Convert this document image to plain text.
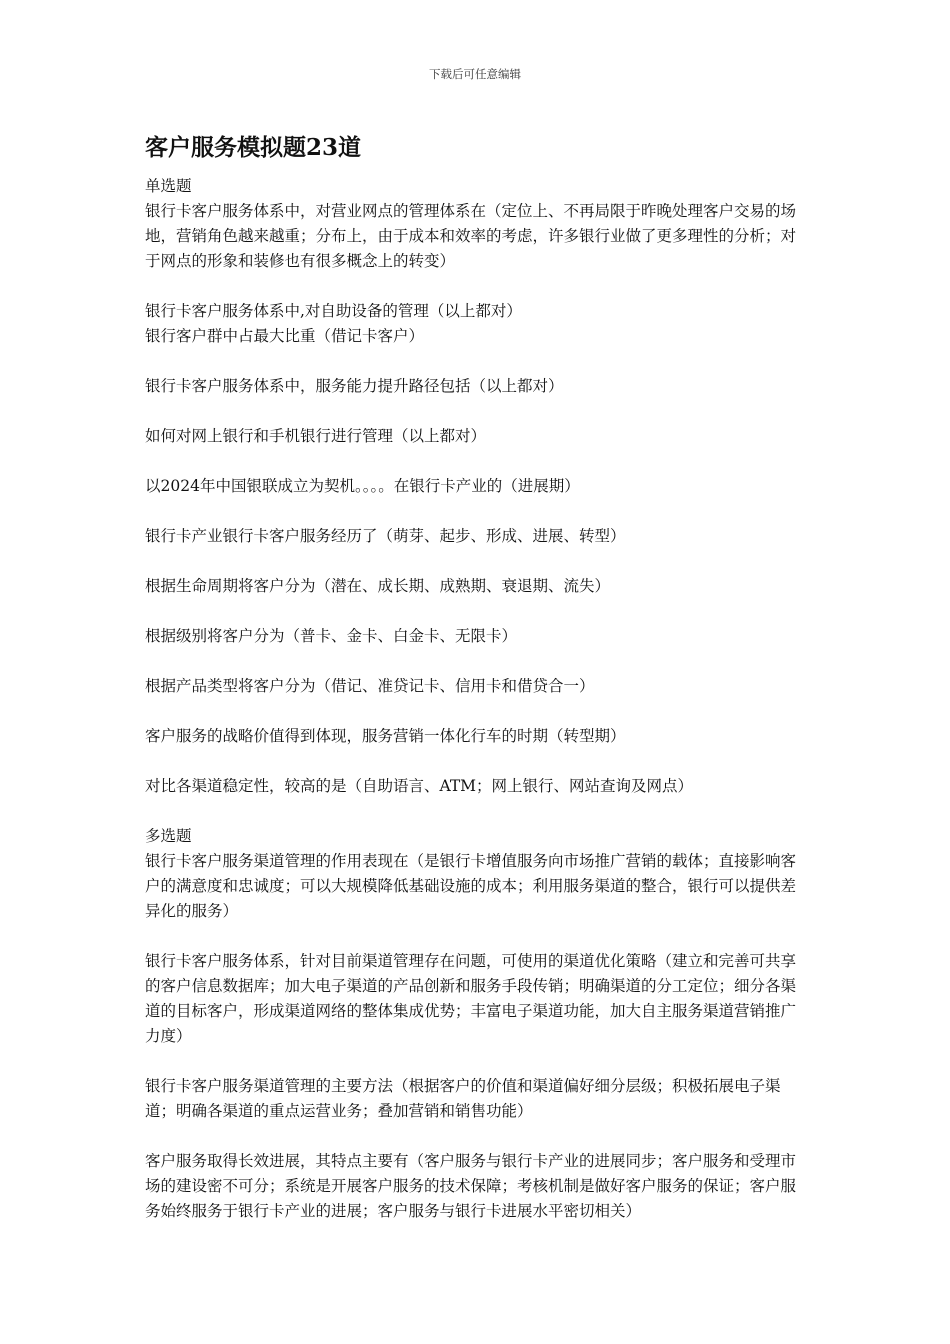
下载后可任意编辑
客户服务模拟题23道

单选题

银行卡客户服务体系中，对营业网点的管理体系在（定位上、不再局限于昨晚处理客户交易的场地，营销角色越来越重；分布上，由于成本和效率的考虑，许多银行业做了更多理性的分析；对于网点的形象和装修也有很多概念上的转变）

银行卡客户服务体系中,对自助设备的管理（以上都对）

银行客户群中占最大比重（借记卡客户）

银行卡客户服务体系中，服务能力提升路径包括（以上都对）

如何对网上银行和手机银行进行管理（以上都对）

以2024年中国银联成立为契机。。。。在银行卡产业的（进展期）

银行卡产业银行卡客户服务经历了（萌芽、起步、形成、进展、转型）

根据生命周期将客户分为（潜在、成长期、成熟期、衰退期、流失）

根据级别将客户分为（普卡、金卡、白金卡、无限卡）

根据产品类型将客户分为（借记、准贷记卡、信用卡和借贷合一）

客户服务的战略价值得到体现，服务营销一体化行车的时期（转型期）

对比各渠道稳定性，较高的是（自助语言、ATM；网上银行、网站查询及网点）

多选题

银行卡客户服务渠道管理的作用表现在（是银行卡增值服务向市场推广营销的载体；直接影响客户的满意度和忠诚度；可以大规模降低基础设施的成本；利用服务渠道的整合，银行可以提供差异化的服务）

银行卡客户服务体系，针对目前渠道管理存在问题，可使用的渠道优化策略（建立和完善可共享的客户信息数据库；加大电子渠道的产品创新和服务手段传销；明确渠道的分工定位；细分各渠道的目标客户，形成渠道网络的整体集成优势；丰富电子渠道功能，加大自主服务渠道营销推广力度）

银行卡客户服务渠道管理的主要方法（根据客户的价值和渠道偏好细分层级；积极拓展电子渠道；明确各渠道的重点运营业务；叠加营销和销售功能）

客户服务取得长效进展，其特点主要有（客户服务与银行卡产业的进展同步；客户服务和受理市场的建设密不可分；系统是开展客户服务的技术保障；考核机制是做好客户服务的保证；客户服务始终服务于银行卡产业的进展；客户服务与银行卡进展水平密切相关）
